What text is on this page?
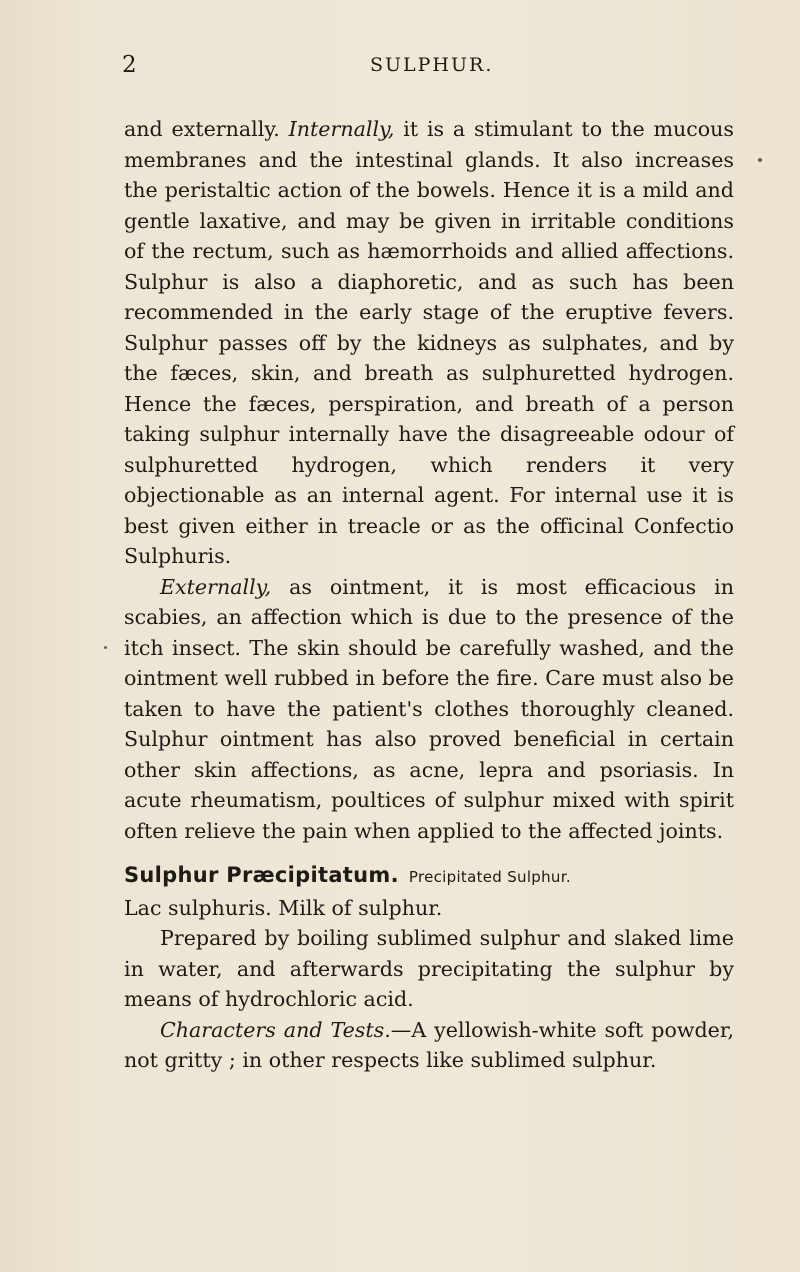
2	SULPHUR.

and externally. Internally, it is a stimulant to the mucous membranes and the intestinal glands. It also increases the peristaltic action of the bowels. Hence it is a mild and gentle laxative, and may be given in irritable conditions of the rectum, such as hæmorrhoids and allied affections. Sulphur is also a diaphoretic, and as such has been recommended in the early stage of the eruptive fevers. Sulphur passes off by the kidneys as sulphates, and by the fæces, skin, and breath as sulphuretted hydrogen. Hence the fæces, perspiration, and breath of a person taking sulphur internally have the disagreeable odour of sulphuretted hydrogen, which renders it very objectionable as an internal agent. For internal use it is best given either in treacle or as the officinal Confectio Sulphuris.

Externally, as ointment, it is most efficacious in scabies, an affection which is due to the presence of the itch insect. The skin should be carefully washed, and the ointment well rubbed in before the fire. Care must also be taken to have the patient's clothes thoroughly cleaned. Sulphur ointment has also proved beneficial in certain other skin affections, as acne, lepra and psoriasis. In acute rheumatism, poultices of sulphur mixed with spirit often relieve the pain when applied to the affected joints.

Sulphur Præcipitatum. Precipitated Sulphur.

Lac sulphuris. Milk of sulphur.

Prepared by boiling sublimed sulphur and slaked lime in water, and afterwards precipitating the sulphur by means of hydrochloric acid.

Characters and Tests.—A yellowish-white soft powder, not gritty ; in other respects like sublimed sulphur.
